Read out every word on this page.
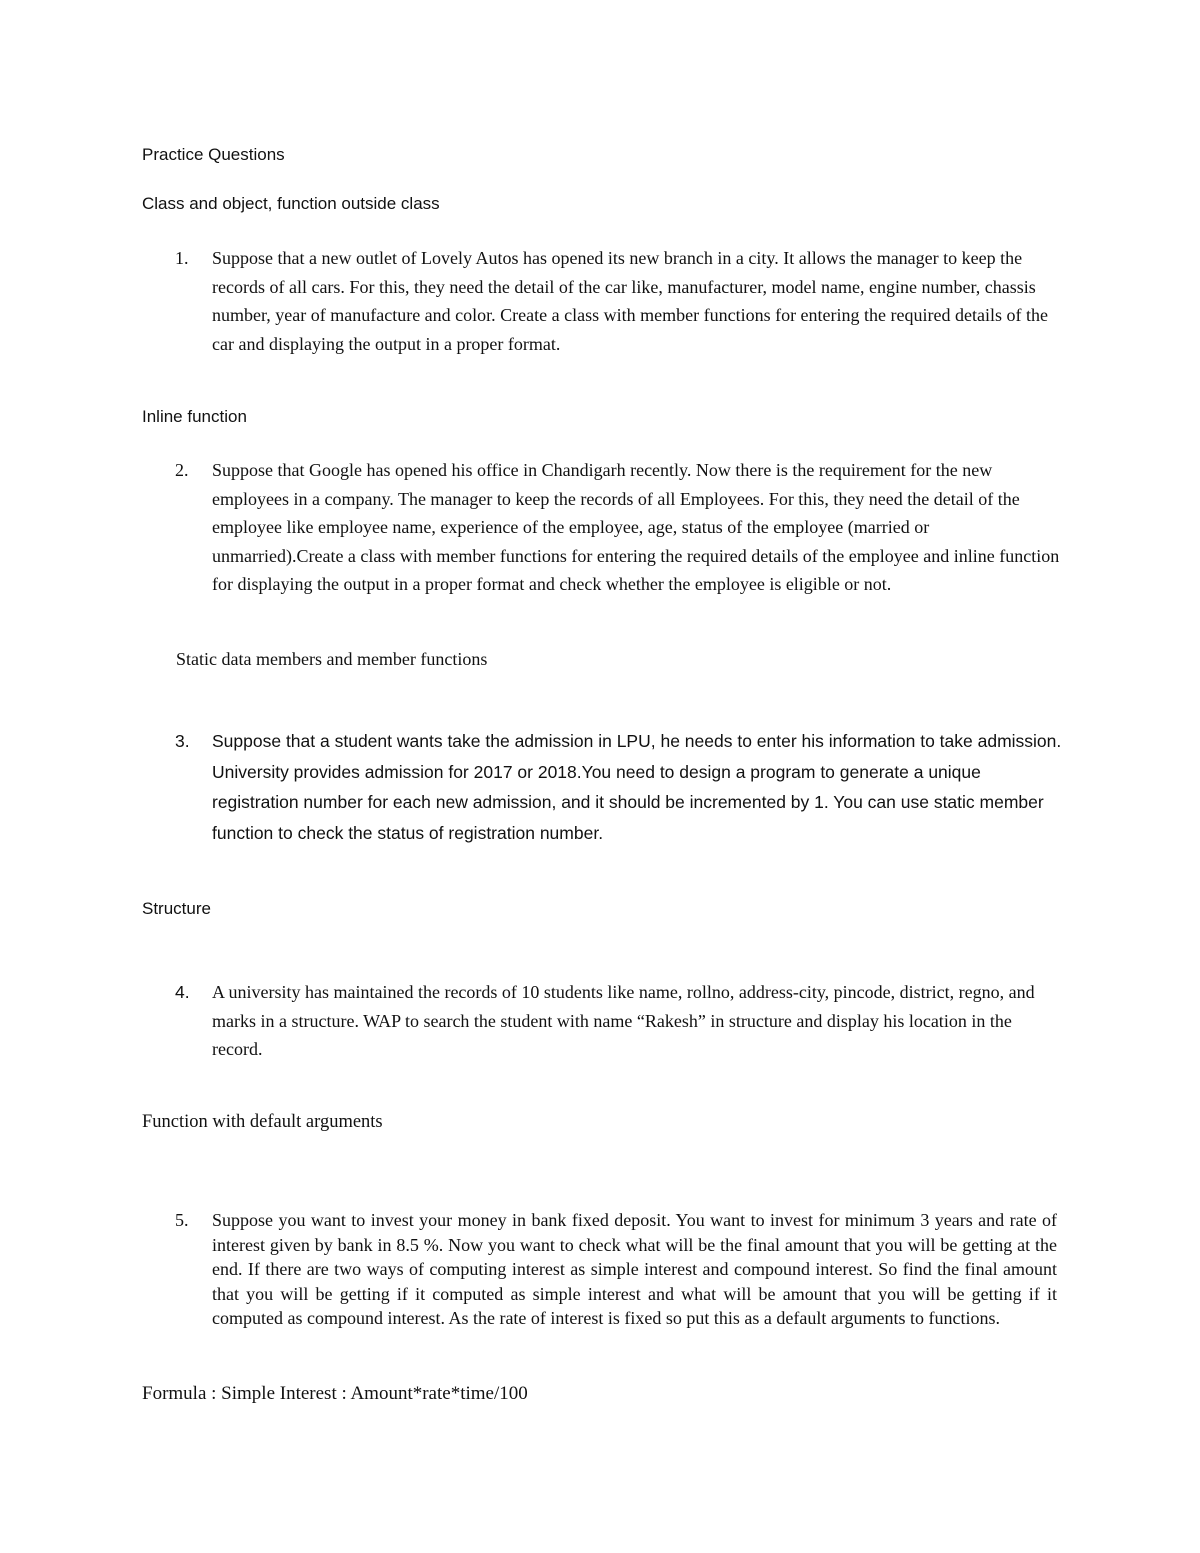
Practice Questions

Class and object, function outside class

1. Suppose that a new outlet of Lovely Autos has opened its new branch in a city. It allows the manager to keep the records of all cars. For this, they need the detail of the car like, manufacturer, model name, engine number, chassis number, year of manufacture and color. Create a class with member functions for entering the required details of the car and displaying the output in a proper format.

Inline function

2. Suppose that Google has opened his office in Chandigarh recently. Now there is the requirement for the new employees in a company. The manager to keep the records of all Employees. For this, they need the detail of the employee like employee name, experience of the employee, age, status of the employee (married or unmarried).Create a class with member functions for entering the required details of the employee and inline function for displaying the output in a proper format and check whether the employee is eligible or not.

Static data members and member functions

3. Suppose that a student wants take the admission in LPU, he needs to enter his information to take admission. University provides admission for 2017 or 2018.You need to design a program to generate a unique registration number for each new admission, and it should be incremented by 1. You can use static member function to check the status of registration number.

Structure

4. A university has maintained the records of 10 students like name, rollno, address-city, pincode, district, regno, and marks in a structure. WAP to search the student with name “Rakesh” in structure and display his location in the record.

Function with default arguments

5. Suppose you want to invest your money in bank fixed deposit. You want to invest for minimum 3 years and rate of interest given by bank in 8.5 %. Now you want to check what will be the final amount that you will be getting at the end. If there are two ways of computing interest as simple interest and compound interest. So find the final amount that you will be getting if it computed as simple interest and what will be amount that you will be getting if it computed as compound interest. As the rate of interest is fixed so put this as a default arguments to functions.

Formula : Simple Interest : Amount*rate*time/100
